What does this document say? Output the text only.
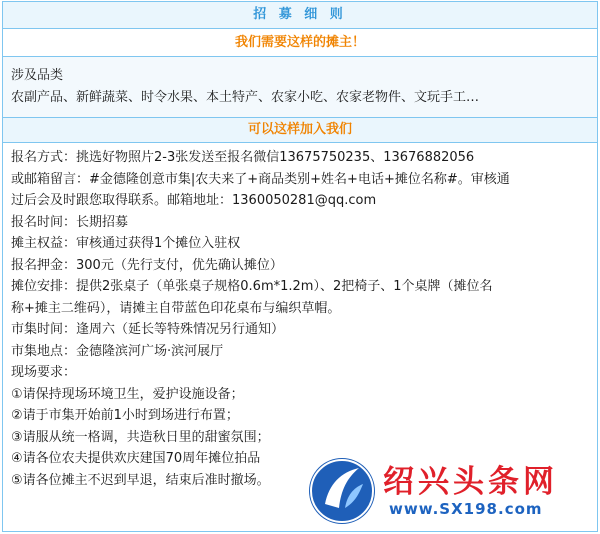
招 募 细 则
我们需要这样的摊主！
涉及品类
农副产品、新鲜蔬菜、时令水果、本土特产、农家小吃、农家老物件、文玩手工…
可以这样加入我们
报名方式：挑选好物照片2-3张发送至报名微信13675750235、13676882056
或邮箱留言：#金德隆创意市集|农夫来了+商品类别+姓名+电话+摊位名称#。审核通
过后会及时跟您取得联系。邮箱地址：1360050281@qq.com
报名时间：长期招募
摊主权益：审核通过获得1个摊位入驻权
报名押金：300元（先行支付，优先确认摊位）
摊位安排：提供2张桌子（单张桌子规格0.6m*1.2m）、2把椅子、1个桌牌（摊位名
称+摊主二维码），请摊主自带蓝色印花桌布与编织草帽。
市集时间：逢周六（延长等特殊情况另行通知）
市集地点：金德隆滨河广场·滨河展厅
现场要求：
①请保持现场环境卫生，爱护设施设备；
②请于市集开始前1小时到场进行布置；
③请服从统一格调，共造秋日里的甜蜜氛围；
④请各位农夫提供欢庆建国70周年摊位拍品
⑤请各位摊主不迟到早退，结束后准时撤场。	绍兴头条网
www.SX198.com
